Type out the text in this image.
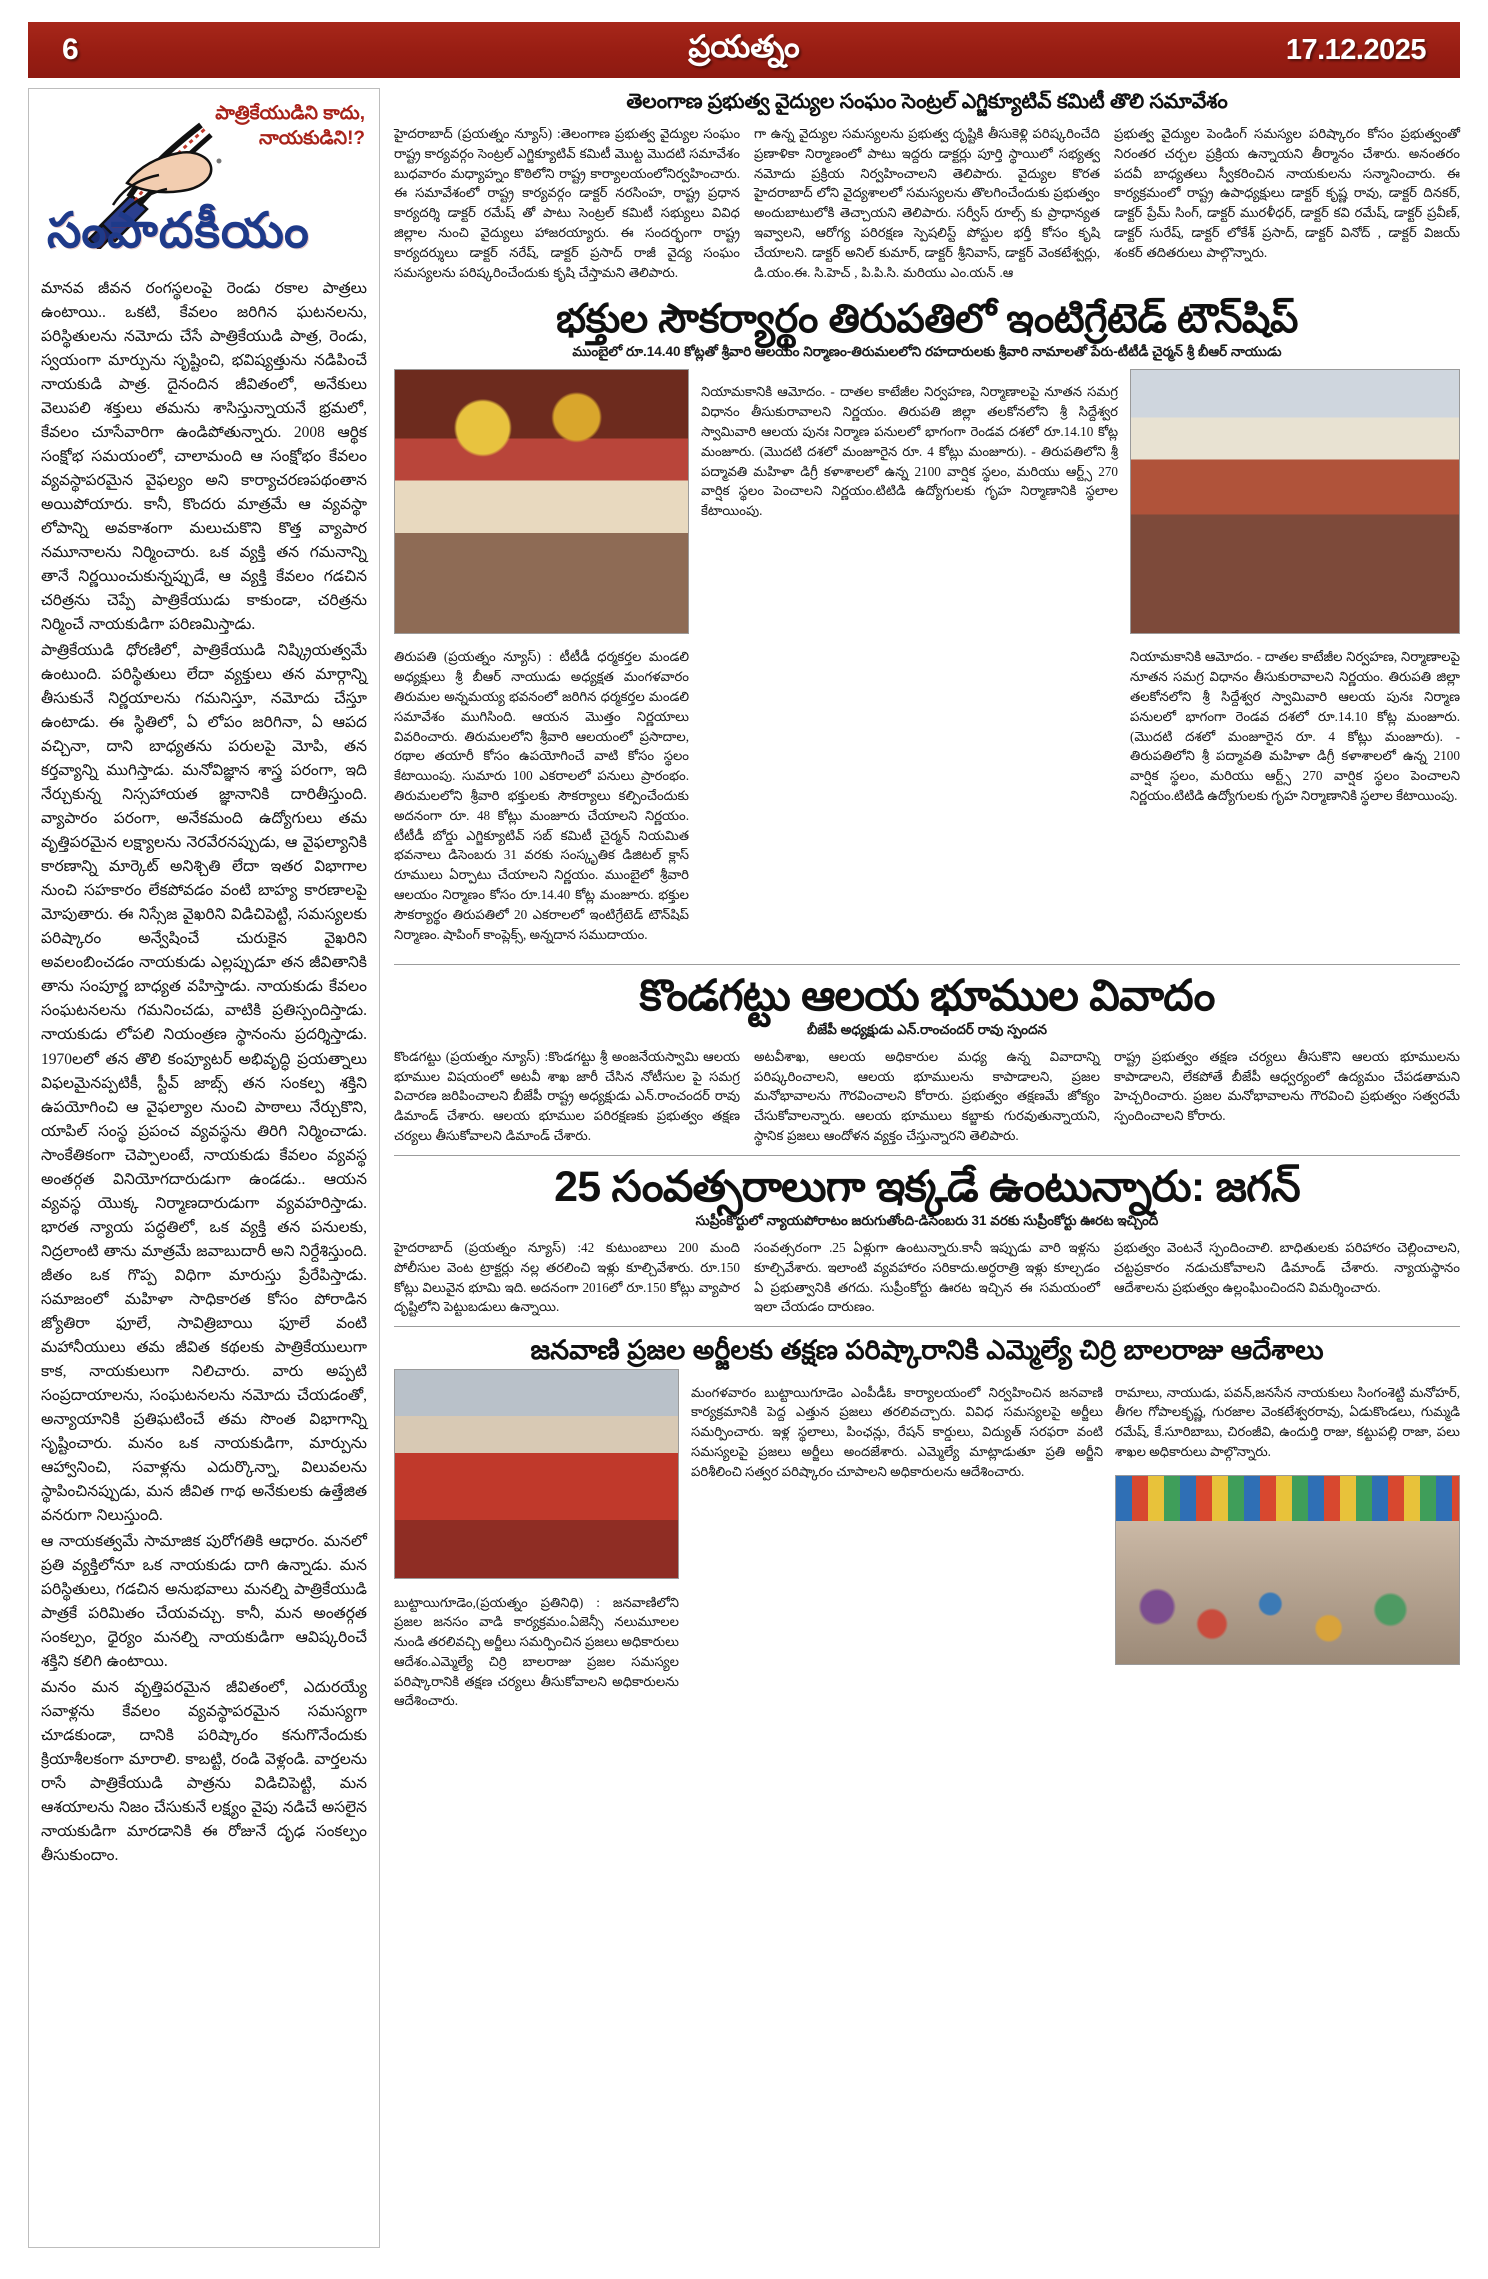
6	ప్రయత్నం	17.12.2025
పాత్రికేయుడిని కాదు,
నాయకుడిని!?
సంపాదకీయం

మానవ జీవన రంగస్థలంపై రెండు రకాల పాత్రలు ఉంటాయి.. ఒకటి, కేవలం జరిగిన ఘటనలను, పరిస్థితులను నమోదు చేసే పాత్రికేయుడి పాత్ర, రెండు, స్వయంగా మార్పును సృష్టించి, భవిష్యత్తును నడిపించే నాయకుడి పాత్ర. దైనందిన జీవితంలో, అనేకులు వెలుపలి శక్తులు తమను శాసిస్తున్నాయనే భ్రమలో, కేవలం చూసేవారిగా ఉండిపోతున్నారు. 2008 ఆర్థిక సంక్షోభ సమయంలో, చాలామంది ఆ సంక్షోభం కేవలం వ్యవస్థాపరమైన వైఫల్యం అని కార్యాచరణపథంతాన అయిపోయారు. కానీ, కొందరు మాత్రమే ఆ వ్యవస్థా లోపాన్ని అవకాశంగా మలుచుకొని కొత్త వ్యాపార నమూనాలను నిర్మించారు. ఒక వ్యక్తి తన గమనాన్ని తానే నిర్ణయించుకున్నప్పుడే, ఆ వ్యక్తి కేవలం గడచిన చరిత్రను చెప్పే పాత్రికేయుడు కాకుండా, చరిత్రను నిర్మించే నాయకుడిగా పరిణమిస్తాడు.

పాత్రికేయుడి ధోరణిలో, పాత్రికేయుడి నిష్క్రియత్వమే ఉంటుంది. పరిస్థితులు లేదా వ్యక్తులు తన మార్గాన్ని తీసుకునే నిర్ణయాలను గమనిస్తూ, నమోదు చేస్తూ ఉంటాడు. ఈ స్థితిలో, ఏ లోపం జరిగినా, ఏ ఆపద వచ్చినా, దాని బాధ్యతను పరులపై మోపి, తన కర్తవ్యాన్ని ముగిస్తాడు. మనోవిజ్ఞాన శాస్త్ర పరంగా, ఇది నేర్చుకున్న నిస్సహాయత జ్ఞానానికి దారితీస్తుంది. వ్యాపారం పరంగా, అనేకమంది ఉద్యోగులు తమ వృత్తిపరమైన లక్ష్యాలను నెరవేరనప్పుడు, ఆ వైఫల్యానికి కారణాన్ని మార్కెట్ అనిశ్చితి లేదా ఇతర విభాగాల నుంచి సహకారం లేకపోవడం వంటి బాహ్య కారణాలపై మోపుతారు. ఈ నిస్సేజ వైఖరిని విడిచిపెట్టి, సమస్యలకు పరిష్కారం అన్వేషించే చురుకైన వైఖరిని అవలంబించడం నాయకుడు ఎల్లప్పుడూ తన జీవితానికి తాను సంపూర్ణ బాధ్యత వహిస్తాడు. నాయకుడు కేవలం సంఘటనలను గమనించడు, వాటికి ప్రతిస్పందిస్తాడు. నాయకుడు లోపలి నియంత్రణ స్థానంను ప్రదర్శిస్తాడు. 1970లలో తన తొలి కంప్యూటర్ అభివృద్ధి ప్రయత్నాలు విఫలమైనప్పటికీ, స్టీవ్ జాబ్స్ తన సంకల్ప శక్తిని ఉపయోగించి ఆ వైఫల్యాల నుంచి పాఠాలు నేర్చుకొని, యాపిల్ సంస్థ ప్రపంచ వ్యవస్థను తిరిగి నిర్మించాడు. సాంకేతికంగా చెప్పాలంటే, నాయకుడు కేవలం వ్యవస్థ అంతర్గత వినియోగదారుడుగా ఉండడు.. ఆయన వ్యవస్థ యొక్క నిర్మాణదారుడుగా వ్యవహరిస్తాడు. భారత న్యాయ పద్ధతిలో, ఒక వ్యక్తి తన పనులకు, నిద్రలాంటి తాను మాత్రమే జవాబుదారీ అని నిర్దేశిస్తుంది. జీతం ఒక గొప్ప విధిగా మారుస్తు ప్రేరేపిస్తాడు. సమాజంలో మహిళా సాధికారత కోసం పోరాడిన జ్యోతిరా ఫూలే, సావిత్రిబాయి ఫూలే వంటి మహానీయులు తమ జీవిత కథలకు పాత్రికేయులుగా కాక, నాయకులుగా నిలిచారు. వారు అప్పటి సంప్రదాయాలను, సంఘటనలను నమోదు చేయడంతో, అన్యాయానికి ప్రతిఘటించే తమ సొంత విభాగాన్ని సృష్టించారు. మనం ఒక నాయకుడిగా, మార్పును ఆహ్వానించి, సవాళ్లను ఎదుర్కొన్నా, విలువలను స్థాపించినప్పుడు, మన జీవిత గాథ అనేకులకు ఉత్తేజిత వనరుగా నిలుస్తుంది.

ఆ నాయకత్వమే సామాజిక పురోగతికి ఆధారం. మనలో ప్రతి వ్యక్తిలోనూ ఒక నాయకుడు దాగి ఉన్నాడు. మన పరిస్థితులు, గడచిన అనుభవాలు మనల్ని పాత్రికేయుడి పాత్రకే పరిమితం చేయవచ్చు. కానీ, మన అంతర్గత సంకల్పం, ధైర్యం మనల్ని నాయకుడిగా ఆవిష్కరించే శక్తిని కలిగి ఉంటాయి.

మనం మన వృత్తిపరమైన జీవితంలో, ఎదురయ్యే సవాళ్లను కేవలం వ్యవస్థాపరమైన సమస్యగా చూడకుండా, దానికి పరిష్కారం కనుగొనేందుకు క్రియాశీలకంగా మారాలి. కాబట్టి, రండి వెళ్లండి. వార్తలను రాసే పాత్రికేయుడి పాత్రను విడిచిపెట్టి, మన ఆశయాలను నిజం చేసుకునే లక్ష్యం వైపు నడిచే అసలైన నాయకుడిగా మారడానికి ఈ రోజునే దృఢ సంకల్పం తీసుకుందాం.

తెలంగాణ ప్రభుత్వ వైద్యుల సంఘం సెంట్రల్ ఎగ్జిక్యూటివ్ కమిటీ తొలి సమావేశం

హైదరాబాద్ (ప్రయత్నం న్యూస్) :తెలంగాణ ప్రభుత్వ వైద్యుల సంఘం రాష్ట్ర కార్యవర్గం సెంట్రల్ ఎగ్జిక్యూటివ్ కమిటీ మొట్ట మొదటి సమావేశం బుధవారం మధ్యాహ్నం కొఠిలోని రాష్ట్ర కార్యాలయంలోనిర్వహించారు. ఈ సమావేశంలో రాష్ట్ర కార్యవర్గం డాక్టర్ నరసింహ, రాష్ట్ర ప్రధాన కార్యదర్శి డాక్టర్ రమేష్ తో పాటు సెంట్రల్ కమిటీ సభ్యులు వివిధ జిల్లాల నుంచి వైద్యులు హాజరయ్యారు. ఈ సందర్భంగా రాష్ట్ర కార్యదర్శులు డాక్టర్ నరేష్, డాక్టర్ ప్రసాద్ రాజీ వైద్య సంఘం సమస్యలను పరిష్కరించేందుకు కృషి చేస్తామని తెలిపారు.

గా ఉన్న వైద్యుల సమస్యలను ప్రభుత్వ దృష్టికి తీసుకెళ్లి పరిష్కరించేది ప్రణాళికా నిర్మాణంలో పాటు ఇద్దరు డాక్టర్లు పూర్తి స్థాయిలో సభ్యత్వ నమోదు ప్రక్రియ నిర్వహించాలని తెలిపారు. వైద్యుల కొరత హైదరాబాద్ లోని వైద్యశాలలో సమస్యలను తొలగించేందుకు ప్రభుత్వం అందుబాటులోకి తెచ్చాయని తెలిపారు. సర్వీస్ రూల్స్ కు ప్రాధాన్యత ఇవ్వాలని, ఆరోగ్య పరిరక్షణ స్పెషలిస్ట్ పోస్టుల భర్తీ కోసం కృషి చేయాలని. డాక్టర్ అనిల్ కుమార్, డాక్టర్ శ్రీనివాస్, డాక్టర్ వెంకటేశ్వర్లు, డి.యం.ఈ. సి.హెచ్ , పి.పి.సి. మరియు ఎం.యన్ .ఆ

ప్రభుత్వ వైద్యుల పెండింగ్ సమస్యల పరిష్కారం కోసం ప్రభుత్వంతో నిరంతర చర్చల ప్రక్రియ ఉన్నాయని తీర్మానం చేశారు. అనంతరం పదవీ బాధ్యతలు స్వీకరించిన నాయకులను సన్మానించారు. ఈ కార్యక్రమంలో రాష్ట్ర ఉపాధ్యక్షులు డాక్టర్ కృష్ణ రావు, డాక్టర్ దినకర్, డాక్టర్ ప్రేమ్ సింగ్, డాక్టర్ మురళీధర్, డాక్టర్ కవి రమేష్, డాక్టర్ ప్రవీణ్, డాక్టర్ సురేష్, డాక్టర్ లోకేశ్ ప్రసాద్, డాక్టర్ వినోద్ , డాక్టర్ విజయ్ శంకర్ తదితరులు పాల్గొన్నారు.

భక్తుల సౌకర్యార్థం తిరుపతిలో ఇంటిగ్రేటెడ్ టౌన్‌షిప్
ముంబైలో రూ.14.40 కోట్లతో శ్రీవారి ఆలయం నిర్మాణం-తిరుమలలోని రహదారులకు శ్రీవారి నామాలతో పేరు-టీటీడీ చైర్మన్ శ్రీ బీఆర్ నాయుడు

తిరుపతి (ప్రయత్నం న్యూస్) : టీటీడీ ధర్మకర్తల మండలి అధ్యక్షులు శ్రీ బీఆర్ నాయుడు అధ్యక్షత మంగళవారం తిరుమల అన్నమయ్య భవనంలో జరిగిన ధర్మకర్తల మండలి సమావేశం ముగిసింది. ఆయన మొత్తం నిర్ణయాలు వివరించారు. తిరుమలలోని శ్రీవారి ఆలయంలో ప్రసాదాల, రథాల తయారీ కోసం ఉపయోగించే వాటి కోసం స్థలం కేటాయింపు. సుమారు 100 ఎకరాలలో పనులు ప్రారంభం. తిరుమలలోని శ్రీవారి భక్తులకు సౌకర్యాలు కల్పించేందుకు అదనంగా రూ. 48 కోట్లు మంజూరు చేయాలని నిర్ణయం. టీటీడీ బోర్డు ఎగ్జిక్యూటివ్ సబ్ కమిటీ చైర్మన్ నియమిత భవనాలు డిసెంబరు 31 వరకు సంస్కృతిక డిజిటల్ క్లాస్ రూములు ఏర్పాటు చేయాలని నిర్ణయం. ముంబైలో శ్రీవారి ఆలయం నిర్మాణం కోసం రూ.14.40 కోట్ల మంజూరు. భక్తుల సౌకర్యార్థం తిరుపతిలో 20 ఎకరాలలో ఇంటిగ్రేటెడ్ టౌన్‌షిప్ నిర్మాణం. షాపింగ్ కాంప్లెక్స్, అన్నదాన సముదాయం.

నియామకానికి ఆమోదం. - దాతల కాటేజీల నిర్వహణ, నిర్మాణాలపై నూతన సమగ్ర విధానం తీసుకురావాలని నిర్ణయం. తిరుపతి జిల్లా తలకోనలోని శ్రీ సిద్దేశ్వర స్వామివారి ఆలయ పునః నిర్మాణ పనులలో భాగంగా రెండవ దశలో రూ.14.10 కోట్ల మంజూరు. (మొదటి దశలో మంజూరైన రూ. 4 కోట్లు మంజూరు). - తిరుపతిలోని శ్రీ పద్మావతి మహిళా డిగ్రీ కళాశాలలో ఉన్న 2100 వార్షిక స్థలం, మరియు ఆర్ట్స్ 270 వార్షిక స్థలం పెంచాలని నిర్ణయం.టిటిడి ఉద్యోగులకు గృహ నిర్మాణానికి స్థలాల కేటాయింపు.

నియామకానికి ఆమోదం. - దాతల కాటేజీల నిర్వహణ, నిర్మాణాలపై నూతన సమగ్ర విధానం తీసుకురావాలని నిర్ణయం. తిరుపతి జిల్లా తలకోనలోని శ్రీ సిద్దేశ్వర స్వామివారి ఆలయ పునః నిర్మాణ పనులలో భాగంగా రెండవ దశలో రూ.14.10 కోట్ల మంజూరు. (మొదటి దశలో మంజూరైన రూ. 4 కోట్లు మంజూరు). - తిరుపతిలోని శ్రీ పద్మావతి మహిళా డిగ్రీ కళాశాలలో ఉన్న 2100 వార్షిక స్థలం, మరియు ఆర్ట్స్ 270 వార్షిక స్థలం పెంచాలని నిర్ణయం.టిటిడి ఉద్యోగులకు గృహ నిర్మాణానికి స్థలాల కేటాయింపు.

కొండగట్టు ఆలయ భూముల వివాదం
బీజేపీ అధ్యక్షుడు ఎన్.రాంచందర్ రావు స్పందన

కొండగట్టు (ప్రయత్నం న్యూస్) :కొండగట్టు శ్రీ అంజనేయస్వామి ఆలయ భూముల విషయంలో అటవీ శాఖ జారీ చేసిన నోటీసుల పై సమగ్ర విచారణ జరిపించాలని బీజేపీ రాష్ట్ర అధ్యక్షుడు ఎన్.రాంచందర్ రావు డిమాండ్ చేశారు. ఆలయ భూముల పరిరక్షణకు ప్రభుత్వం తక్షణ చర్యలు తీసుకోవాలని డిమాండ్ చేశారు.

అటవీశాఖ, ఆలయ అధికారుల మధ్య ఉన్న వివాదాన్ని పరిష్కరించాలని, ఆలయ భూములను కాపాడాలని, ప్రజల మనోభావాలను గౌరవించాలని కోరారు. ప్రభుత్వం తక్షణమే జోక్యం చేసుకోవాలన్నారు. ఆలయ భూములు కబ్జాకు గురవుతున్నాయని, స్థానిక ప్రజలు ఆందోళన వ్యక్తం చేస్తున్నారని తెలిపారు.

రాష్ట్ర ప్రభుత్వం తక్షణ చర్యలు తీసుకొని ఆలయ భూములను కాపాడాలని, లేకపోతే బీజేపీ ఆధ్వర్యంలో ఉద్యమం చేపడతామని హెచ్చరించారు. ప్రజల మనోభావాలను గౌరవించి ప్రభుత్వం సత్వరమే స్పందించాలని కోరారు.

25 సంవత్సరాలుగా ఇక్కడే ఉంటున్నారు: జగన్
సుప్రీంకోర్టులో న్యాయపోరాటం జరుగుతోంది-డిసెంబరు 31 వరకు సుప్రీంకోర్టు ఊరట ఇచ్చింది

హైదరాబాద్ (ప్రయత్నం న్యూస్) :42 కుటుంబాలు 200 మంది పోలీసుల వెంట ట్రాక్టర్లు నల్ల తరలించి ఇళ్లు కూల్చివేశారు. రూ.150 కోట్లు విలువైన భూమి ఇది. అదనంగా 2016లో రూ.150 కోట్లు వ్యాపార దృష్టిలోని పెట్టుబడులు ఉన్నాయి.

సంవత్సరంగా .25 ఏళ్లుగా ఉంటున్నారు.కానీ ఇప్పుడు వారి ఇళ్లను కూల్చివేశారు. ఇలాంటి వ్యవహారం సరికాదు.అర్ధరాత్రి ఇళ్లు కూల్చడం ఏ ప్రభుత్వానికి తగదు. సుప్రీంకోర్టు ఊరట ఇచ్చిన ఈ సమయంలో ఇలా చేయడం దారుణం.

ప్రభుత్వం వెంటనే స్పందించాలి. బాధితులకు పరిహారం చెల్లించాలని, చట్టప్రకారం నడుచుకోవాలని డిమాండ్ చేశారు. న్యాయస్థానం ఆదేశాలను ప్రభుత్వం ఉల్లంఘించిందని విమర్శించారు.

జనవాణి ప్రజల అర్జీలకు తక్షణ పరిష్కారానికి ఎమ్మెల్యే చిర్రి బాలరాజు ఆదేశాలు

బుట్టాయిగూడెం,(ప్రయత్నం ప్రతినిధి) : జనవాణిలోని ప్రజల జనసం వాడి కార్యక్రమం.ఏజెన్సీ నలుమూలల నుండి తరలివచ్చి అర్జీలు సమర్పించిన ప్రజలు అధికారులు ఆదేశం.ఎమ్మెల్యే చిర్రి బాలరాజు ప్రజల సమస్యల పరిష్కారానికి తక్షణ చర్యలు తీసుకోవాలని అధికారులను ఆదేశించారు.

మంగళవారం బుట్టాయిగూడెం ఎంపీడీఓ కార్యాలయంలో నిర్వహించిన జనవాణి కార్యక్రమానికి పెద్ద ఎత్తున ప్రజలు తరలివచ్చారు. వివిధ సమస్యలపై అర్జీలు సమర్పించారు. ఇళ్ల స్థలాలు, పింఛన్లు, రేషన్ కార్డులు, విద్యుత్ సరఫరా వంటి సమస్యలపై ప్రజలు అర్జీలు అందజేశారు. ఎమ్మెల్యే మాట్లాడుతూ ప్రతి అర్జీని పరిశీలించి సత్వర పరిష్కారం చూపాలని అధికారులను ఆదేశించారు.

రామాలు, నాయుడు, పవన్,జనసేన నాయకులు సింగంశెట్టి మనోహర్, తీగల గోపాలకృష్ణ, గురజాల వెంకటేశ్వరరావు, ఏడుకొండలు, గుమ్మడి రమేష్, కే.సూరిబాబు, చిరంజీవి, ఉందుర్తి రాజు, కట్టుపల్లి రాజా, పలు శాఖల అధికారులు పాల్గొన్నారు.
